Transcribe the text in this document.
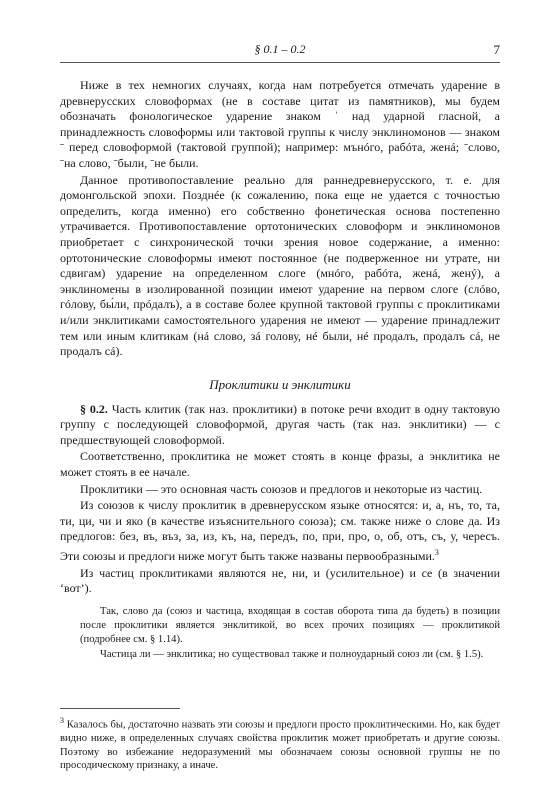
§ 0.1 – 0.2	7

Ниже в тех немногих случаях, когда нам потребуется отмечать ударение в древнерусских словоформах (не в составе цитат из памятников), мы будем обозначать фонологическое ударение знаком ˈ над ударной гласной, а принадлежность словоформы или тактовой группы к числу энклиномонов — знаком ˉ перед словоформой (тактовой группой); например: мънóго, рабóта, женá; ˉслово, ˉна слово, ˉбыли, ˉне были.

Данное противопоставление реально для раннедревнерусского, т. е. для домонгольской эпохи. Позднéе (к сожалению, пока еще не удается с точностью определить, когда именно) его собственно фонетическая основа постепенно утрачивается. Противопоставление ортотонических словоформ и энклиномонов приобретает с синхронической точки зрения новое содержание, а именно: ортотонические словоформы имеют постоянное (не подверженное ни утрате, ни сдвигам) ударение на определенном слоге (мнóго, рабóта, женá, женý), а энклиномены в изолированной позиции имеют ударение на первом слоге (слóво, гóлову, бы́ли, прóдалъ), а в составе более крупной тактовой группы с проклитиками и/или энклитиками самостоятельного ударения не имеют — ударение принадлежит тем или иным клитикам (нá слово, зá голову, нé были, нé продалъ, продалъ сá, не продалъ сá).

Проклитики и энклитики

§ 0.2. Часть клитик (так наз. проклитики) в потоке речи входит в одну тактовую группу с последующей словоформой, другая часть (так наз. энклитики) — с предшествующей словоформой.

Соответственно, проклитика не может стоять в конце фразы, а энклитика не может стоять в ее начале.

Проклитики — это основная часть союзов и предлогов и некоторые из частиц.

Из союзов к числу проклитик в древнерусском языке относятся: и, а, нъ, то, та, ти, ци, чи и яко (в качестве изъяснительного союза); см. также ниже о слове да. Из предлогов: без, въ, въз, за, из, къ, на, передъ, по, при, про, о, об, отъ, съ, у, чересъ. Эти союзы и предлоги ниже могут быть также названы первообразными.$^3$

Из частиц проклитиками являются не, ни, и (усилительное) и се (в значении ‘вот’).

Так, слово да (союз и частица, входящая в состав оборота типа да будеть) в позиции после проклитики является энклитикой, во всех прочих позициях — проклитикой (подробнее см. § 1.14).

Частица ли — энклитика; но существовал также и полноударный союз ли (см. § 1.5).

$^3$ Казалось бы, достаточно назвать эти союзы и предлоги просто проклитическими. Но, как будет видно ниже, в определенных случаях свойства проклитик может приобретать и другие союзы. Поэтому во избежание недоразумений мы обозначаем союзы основной группы не по просодическому признаку, а иначе.
